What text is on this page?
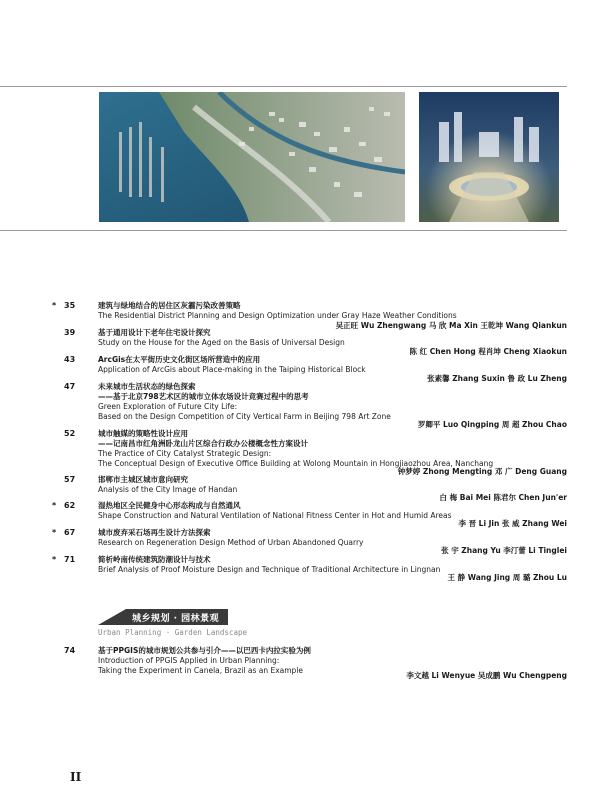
* 35	建筑与绿地结合的居住区灰霾污染改善策略
The Residential District Planning and Design Optimization under Gray Haze Weather Conditions
吴正旺 Wu Zhengwang 马 欣 Ma Xin 王乾坤 Wang Qiankun
39	基于通用设计下老年住宅设计探究
Study on the House for the Aged on the Basis of Universal Design
陈 红 Chen Hong 程肖坤 Cheng Xiaokun
43	ArcGis在太平街历史文化街区场所营造中的应用
Application of ArcGis about Place-making in the Taiping Historical Block
张素馨 Zhang Suxin 鲁 政 Lu Zheng
47	未来城市生活状态的绿色探索
——基于北京798艺术区的城市立体农场设计竞赛过程中的思考
Green Exploration of Future City Life:
Based on the Design Competition of City Vertical Farm in Beijing 798 Art Zone
罗卿平 Luo Qingping 周 超 Zhou Chao
52	城市触媒的策略性设计应用
——记南昌市红角洲卧龙山片区综合行政办公楼概念性方案设计
The Practice of City Catalyst Strategic Design:
The Conceptual Design of Executive Office Building at Wolong Mountain in Hongjiaozhou Area, Nanchang
钟梦婷 Zhong Mengting 邓 广 Deng Guang
57	邯郸市主城区城市意向研究
Analysis of the City Image of Handan
白 梅 Bai Mei 陈君尔 Chen Jun'er
* 62	湿热地区全民健身中心形态构成与自然通风
Shape Construction and Natural Ventilation of National Fitness Center in Hot and Humid Areas
李 晋 Li Jin 张 威 Zhang Wei
* 67	城市废弃采石场再生设计方法探索
Research on Regeneration Design Method of Urban Abandoned Quarry
张 宇 Zhang Yu 李汀蕾 Li Tinglei
* 71	简析岭南传统建筑防潮设计与技术
Brief Analysis of Proof Moisture Design and Technique of Traditional Architecture in Lingnan
王 静 Wang Jing 周 璐 Zhou Lu
城乡规划 · 园林景观
Urban Planning · Garden Landscape
74	基于PPGIS的城市规划公共参与引介——以巴西卡内拉实验为例
Introduction of PPGIS Applied in Urban Planning:
Taking the Experiment in Canela, Brazil as an Example
李文越 Li Wenyue 吴成鹏 Wu Chengpeng
II
